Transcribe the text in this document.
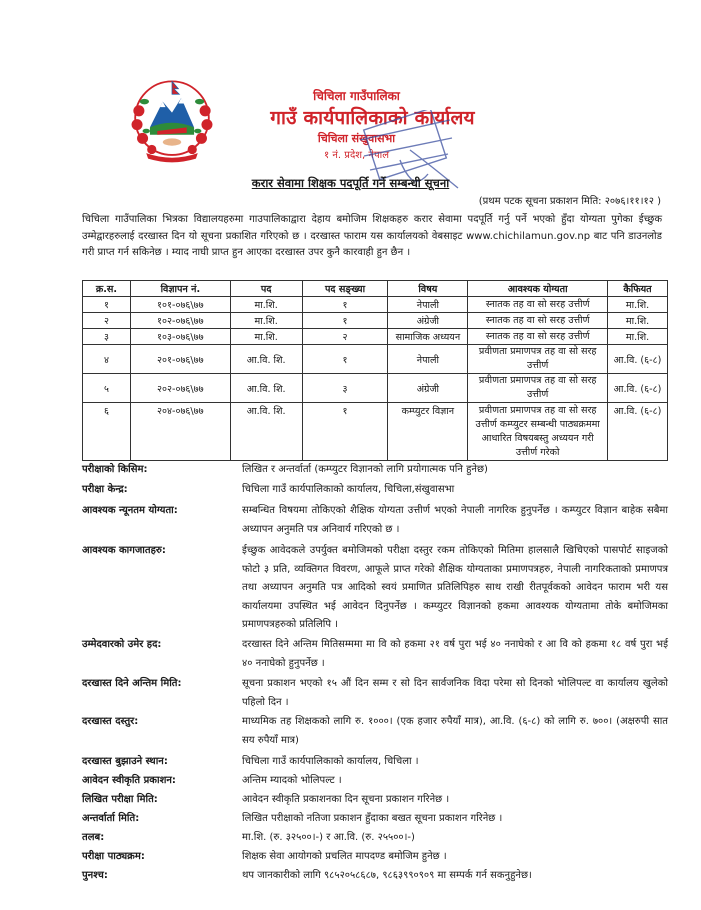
चिचिला गाउँपालिका
गाउँ कार्यपालिकाको कार्यालय
चिचिला संखुवासभा
१ नं. प्रदेश, नेपाल
करार सेवामा शिक्षक पदपूर्ति गर्ने सम्बन्धी सूचना
(प्रथम पटक सूचना प्रकाशन मिति: २०७६।११।१२ )

चिचिला गाउँपालिका भित्रका विद्यालयहरुमा गाउपालिकाद्वारा देहाय बमोजिम शिक्षकहरु करार सेवामा पदपूर्ति गर्नु पर्ने भएको हुँदा योग्यता पुगेका ईच्छुक उम्मेद्वारहरुलाई दरखास्त दिन यो सूचना प्रकाशित गरिएको छ । दरखास्त फाराम यस कार्यालयको वेबसाइट www.chichilamun.gov.np बाट पनि डाउनलोड गरी प्राप्त गर्न सकिनेछ । म्याद नाघी प्राप्त हुन आएका दरखास्त उपर कुनै कारवाही हुन छैन ।

क्र.स.	विज्ञापन नं.	पद	पद सङ्ख्या	विषय	आवश्यक योग्यता	कैफियत
१	१०१-०७६\७७	मा.शि.	१	नेपाली	स्नातक तह वा सो सरह उत्तीर्ण	मा.शि.
२	१०२-०७६\७७	मा.शि.	१	अंग्रेजी	स्नातक तह वा सो सरह उत्तीर्ण	मा.शि.
३	१०३-०७६\७७	मा.शि.	२	सामाजिक अध्ययन	स्नातक तह वा सो सरह उत्तीर्ण	मा.शि.
४	२०१-०७६\७७	आ.वि. शि.	१	नेपाली	प्रवीणता प्रमाणपत्र तह वा सो सरह उत्तीर्ण	आ.वि. (६-८)
५	२०२-०७६\७७	आ.वि. शि.	३	अंग्रेजी	प्रवीणता प्रमाणपत्र तह वा सो सरह उत्तीर्ण	आ.वि. (६-८)
६	२०४-०७६\७७	आ.वि. शि.	१	कम्प्युटर विज्ञान	प्रवीणता प्रमाणपत्र तह वा सो सरह उत्तीर्ण कम्प्युटर सम्बन्धी पाठ्यक्रममा आधारित विषयबस्तु अध्ययन गरी उत्तीर्ण गरेको	आ.वि. (६-८)
परीक्षाको किसिम:	लिखित र अन्तर्वार्ता (कम्प्युटर विज्ञानको लागि प्रयोगात्मक पनि हुनेछ)
परीक्षा केन्द्र:	चिचिला गाउँ कार्यपालिकाको कार्यालय, चिचिला,संखुवासभा
आवश्यक न्यूनतम योग्यता:	सम्बन्धित विषयमा तोकिएको शैक्षिक योग्यता उत्तीर्ण भएको नेपाली नागरिक हुनुपर्नेछ । कम्प्युटर विज्ञान बाहेक सबैमा अध्यापन अनुमति पत्र अनिवार्य गरिएको छ ।
आवश्यक कागजातहरु:	ईच्छुक आवेदकले उपर्युक्त बमोजिमको परीक्षा दस्तुर रकम तोकिएको मितिमा हालसालै खिचिएको पासपोर्ट साइजको फोटो ३ प्रति, व्यक्तिगत विवरण, आफूले प्राप्त गरेको शैक्षिक योग्यताका प्रमाणपत्रहरु, नेपाली नागरिकताको प्रमाणपत्र तथा अध्यापन अनुमति पत्र आदिको स्वयं प्रमाणित प्रतिलिपिहरु साथ राखी रीतपूर्वकको आवेदन फाराम भरी यस कार्यालयमा उपस्थित भई आवेदन दिनुपर्नेछ । कम्प्युटर विज्ञानको हकमा आवश्यक योग्यतामा तोके बमोजिमका प्रमाणपत्रहरुको प्रतिलिपि ।
उम्मेदवारको उमेर हद:	दरखास्त दिने अन्तिम मितिसम्ममा मा वि को हकमा २१ वर्ष पुरा भई ४० ननाघेको र आ वि को हकमा १८ वर्ष पुरा भई ४० ननाघेको हुनुपर्नेछ ।
दरखास्त दिने अन्तिम मिति:	सूचना प्रकाशन भएको १५ औं दिन सम्म र सो दिन सार्वजनिक विदा परेमा सो दिनको भोलिपल्ट वा कार्यालय खुलेको पहिलो दिन ।
दरखास्त दस्तुर:	माध्यमिक तह शिक्षकको लागि रु. १०००। (एक हजार रुपैयाँ मात्र), आ.वि. (६-८) को लागि रु. ७००। (अक्षरुपी सात सय रुपैयाँ मात्र)
दरखास्त बुझाउने स्थान:	चिचिला गाउँ कार्यपालिकाको कार्यालय, चिचिला ।
आवेदन स्वीकृति प्रकाशन:	अन्तिम म्यादको भोलिपल्ट ।
लिखित परीक्षा मिति:	आवेदन स्वीकृति प्रकाशनका दिन सूचना प्रकाशन गरिनेछ ।
अन्तर्वार्ता मिति:	लिखित परीक्षाको नतिजा प्रकाशन हुँदाका बखत सूचना प्रकाशन गरिनेछ ।
तलब:	मा.शि. (रु. ३२५००।-) र आ.वि. (रु. २५५००।-)
परीक्षा पाठ्यक्रम:	शिक्षक सेवा आयोगको प्रचलित मापदण्ड बमोजिम हुनेछ ।
पुनश्च:	थप जानकारीको लागि ९८५२०५८६८७, ९८६३९९०९०९ मा सम्पर्क गर्न सकनुहुनेछ।
